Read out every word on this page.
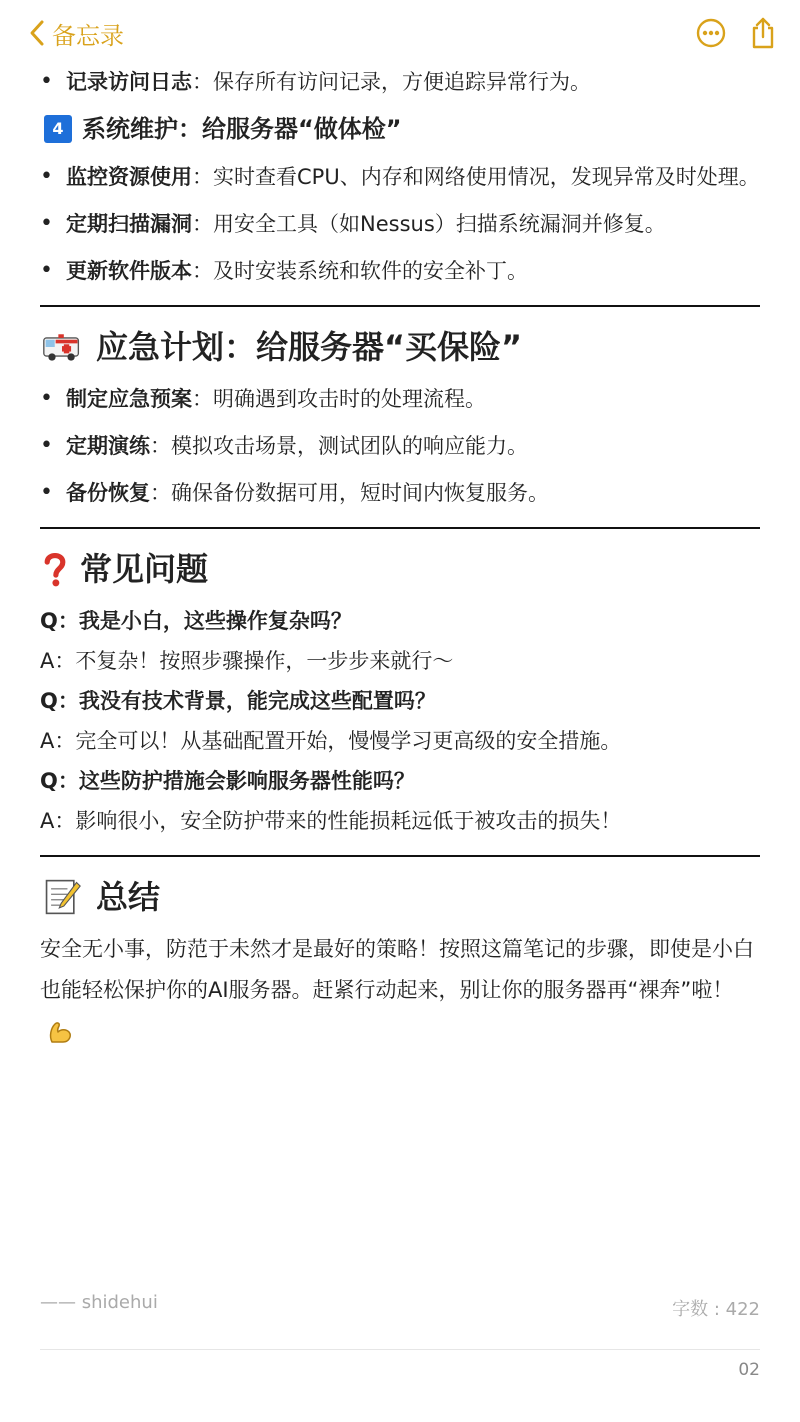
备忘录
• 记录访问日志：保存所有访问记录，方便追踪异常行为。
4 系统维护：给服务器“做体检”
• 监控资源使用：实时查看CPU、内存和网络使用情况，发现异常及时处理。
• 定期扫描漏洞：用安全工具（如Nessus）扫描系统漏洞并修复。
• 更新软件版本：及时安装系统和软件的安全补丁。
应急计划：给服务器“买保险”
• 制定应急预案：明确遇到攻击时的处理流程。
• 定期演练：模拟攻击场景，测试团队的响应能力。
• 备份恢复：确保备份数据可用，短时间内恢复服务。
常见问题
Q：我是小白，这些操作复杂吗？
A：不复杂！按照步骤操作，一步步来就行～
Q：我没有技术背景，能完成这些配置吗？
A：完全可以！从基础配置开始，慢慢学习更高级的安全措施。
Q：这些防护措施会影响服务器性能吗？
A：影响很小，安全防护带来的性能损耗远低于被攻击的损失！
总结
安全无小事，防范于未然才是最好的策略！按照这篇笔记的步骤，即使是小白也能轻松保护你的AI服务器。赶紧行动起来，别让你的服务器再“裸奔”啦！
—— shidehui	字数 : 422
02
